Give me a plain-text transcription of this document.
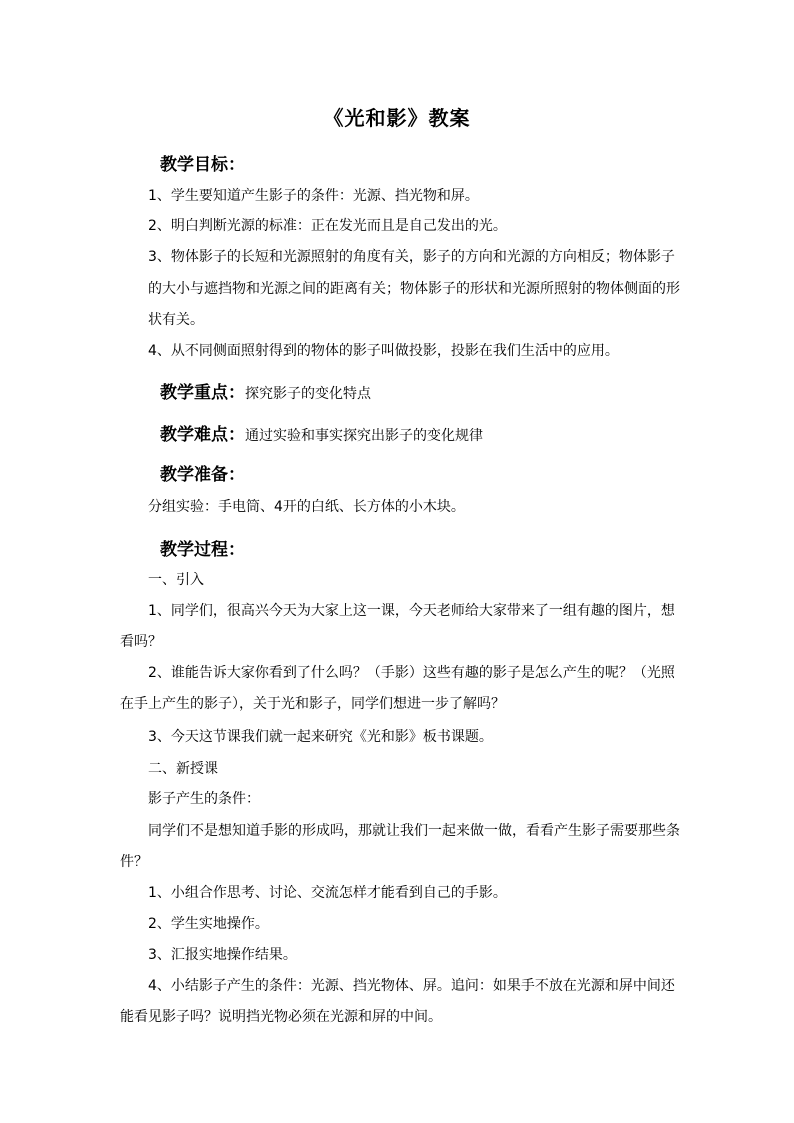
《光和影》教案
教学目标：
1、学生要知道产生影子的条件：光源、挡光物和屏。
2、明白判断光源的标准：正在发光而且是自己发出的光。
3、物体影子的长短和光源照射的角度有关，影子的方向和光源的方向相反；物体影子
的大小与遮挡物和光源之间的距离有关；物体影子的形状和光源所照射的物体侧面的形
状有关。
4、从不同侧面照射得到的物体的影子叫做投影，投影在我们生活中的应用。
教学重点：探究影子的变化特点
教学难点：通过实验和事实探究出影子的变化规律
教学准备：
分组实验：手电筒、4开的白纸、长方体的小木块。
教学过程：
一、引入
1、同学们，很高兴今天为大家上这一课，今天老师给大家带来了一组有趣的图片，想
看吗？
2、谁能告诉大家你看到了什么吗？（手影）这些有趣的影子是怎么产生的呢？（光照
在手上产生的影子），关于光和影子，同学们想进一步了解吗？
3、今天这节课我们就一起来研究《光和影》板书课题。
二、新授课
影子产生的条件：
同学们不是想知道手影的形成吗，那就让我们一起来做一做，看看产生影子需要那些条
件？
1、小组合作思考、讨论、交流怎样才能看到自己的手影。
2、学生实地操作。
3、汇报实地操作结果。
4、小结影子产生的条件：光源、挡光物体、屏。追问：如果手不放在光源和屏中间还
能看见影子吗？说明挡光物必须在光源和屏的中间。
